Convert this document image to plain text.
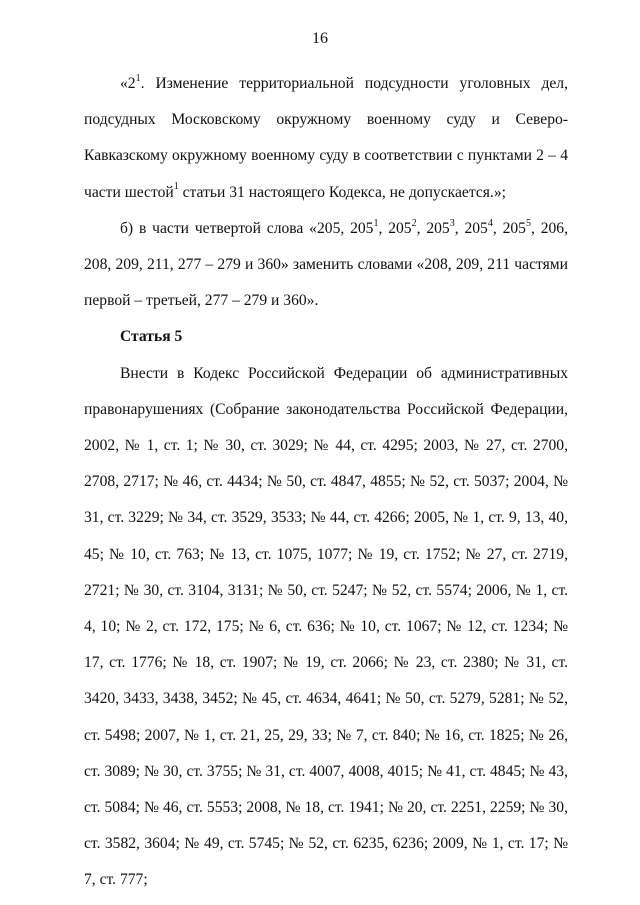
16

«$2^1$. Изменение территориальной подсудности уголовных дел, подсудных Московскому окружному военному суду и Северо-Кавказскому окружному военному суду в соответствии с пунктами 2 – 4 части шестой$^1$ статьи 31 настоящего Кодекса, не допускается.»;

б) в части четвертой слова «205, $205^1$, $205^2$, $205^3$, $205^4$, $205^5$, 206, 208, 209, 211, 277 – 279 и 360» заменить словами «208, 209, 211 частями первой – третьей, 277 – 279 и 360».

Статья 5

Внести в Кодекс Российской Федерации об административных правонарушениях (Собрание законодательства Российской Федерации, 2002, № 1, ст. 1; № 30, ст. 3029; № 44, ст. 4295; 2003, № 27, ст. 2700, 2708, 2717; № 46, ст. 4434; № 50, ст. 4847, 4855; № 52, ст. 5037; 2004, № 31, ст. 3229; № 34, ст. 3529, 3533; № 44, ст. 4266; 2005, № 1, ст. 9, 13, 40, 45; № 10, ст. 763; № 13, ст. 1075, 1077; № 19, ст. 1752; № 27, ст. 2719, 2721; № 30, ст. 3104, 3131; № 50, ст. 5247; № 52, ст. 5574; 2006, № 1, ст. 4, 10; № 2, ст. 172, 175; № 6, ст. 636; № 10, ст. 1067; № 12, ст. 1234; № 17, ст. 1776; № 18, ст. 1907; № 19, ст. 2066; № 23, ст. 2380; № 31, ст. 3420, 3433, 3438, 3452; № 45, ст. 4634, 4641; № 50, ст. 5279, 5281; № 52, ст. 5498; 2007, № 1, ст. 21, 25, 29, 33; № 7, ст. 840; № 16, ст. 1825; № 26, ст. 3089; № 30, ст. 3755; № 31, ст. 4007, 4008, 4015; № 41, ст. 4845; № 43, ст. 5084; № 46, ст. 5553; 2008, № 18, ст. 1941; № 20, ст. 2251, 2259; № 30, ст. 3582, 3604; № 49, ст. 5745; № 52, ст. 6235, 6236; 2009, № 1, ст. 17; № 7, ст. 777;
